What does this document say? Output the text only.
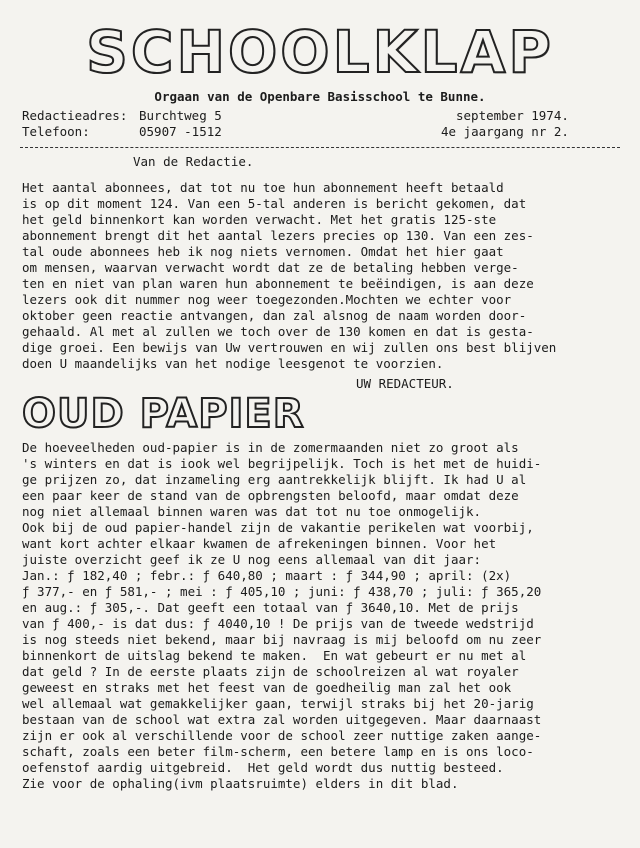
SCHOOLKLAP
Orgaan van de Openbare Basisschool te Bunne.
Redactieadres: Burchtweg 5
Telefoon:	05907 -1512
september 1974.
4e jaargang nr 2.
Van de Redactie.
Het aantal abonnees, dat tot nu toe hun abonnement heeft betaald
is op dit moment 124. Van een 5-tal anderen is bericht gekomen, dat
het geld binnenkort kan worden verwacht. Met het gratis 125-ste
abonnement brengt dit het aantal lezers precies op 130. Van een zes-
tal oude abonnees heb ik nog niets vernomen. Omdat het hier gaat
om mensen, waarvan verwacht wordt dat ze de betaling hebben verge-
ten en niet van plan waren hun abonnement te beëindigen, is aan deze
lezers ook dit nummer nog weer toegezonden.Mochten we echter voor
oktober geen reactie antvangen, dan zal alsnog de naam worden door-
gehaald. Al met al zullen we toch over de 130 komen en dat is gesta-
dige groei. Een bewijs van Uw vertrouwen en wij zullen ons best blijven
doen U maandelijks van het nodige leesgenot te voorzien.
UW REDACTEUR.
OUD PAPIER
De hoeveelheden oud-papier is in de zomermaanden niet zo groot als
's winters en dat is iook wel begrijpelijk. Toch is het met de huidi-
ge prijzen zo, dat inzameling erg aantrekkelijk blijft. Ik had U al
een paar keer de stand van de opbrengsten beloofd, maar omdat deze
nog niet allemaal binnen waren was dat tot nu toe onmogelijk.
Ook bij de oud papier-handel zijn de vakantie perikelen wat voorbij,
want kort achter elkaar kwamen de afrekeningen binnen. Voor het
juiste overzicht geef ik ze U nog eens allemaal van dit jaar:
Jan.: ƒ 182,40 ; febr.: ƒ 640,80 ; maart : ƒ 344,90 ; april: (2x)
ƒ 377,- en ƒ 581,- ; mei : ƒ 405,10 ; juni: ƒ 438,70 ; juli: ƒ 365,20
en aug.: ƒ 305,-. Dat geeft een totaal van ƒ 3640,10. Met de prijs
van ƒ 400,- is dat dus: ƒ 4040,10 ! De prijs van de tweede wedstrijd
is nog steeds niet bekend, maar bij navraag is mij beloofd om nu zeer
binnenkort de uitslag bekend te maken.  En wat gebeurt er nu met al
dat geld ? In de eerste plaats zijn de schoolreizen al wat royaler
geweest en straks met het feest van de goedheilig man zal het ook
wel allemaal wat gemakkelijker gaan, terwijl straks bij het 20-jarig
bestaan van de school wat extra zal worden uitgegeven. Maar daarnaast
zijn er ook al verschillende voor de school zeer nuttige zaken aange-
schaft, zoals een beter film-scherm, een betere lamp en is ons loco-
oefenstof aardig uitgebreid.  Het geld wordt dus nuttig besteed.
Zie voor de ophaling(ivm plaatsruimte) elders in dit blad.
